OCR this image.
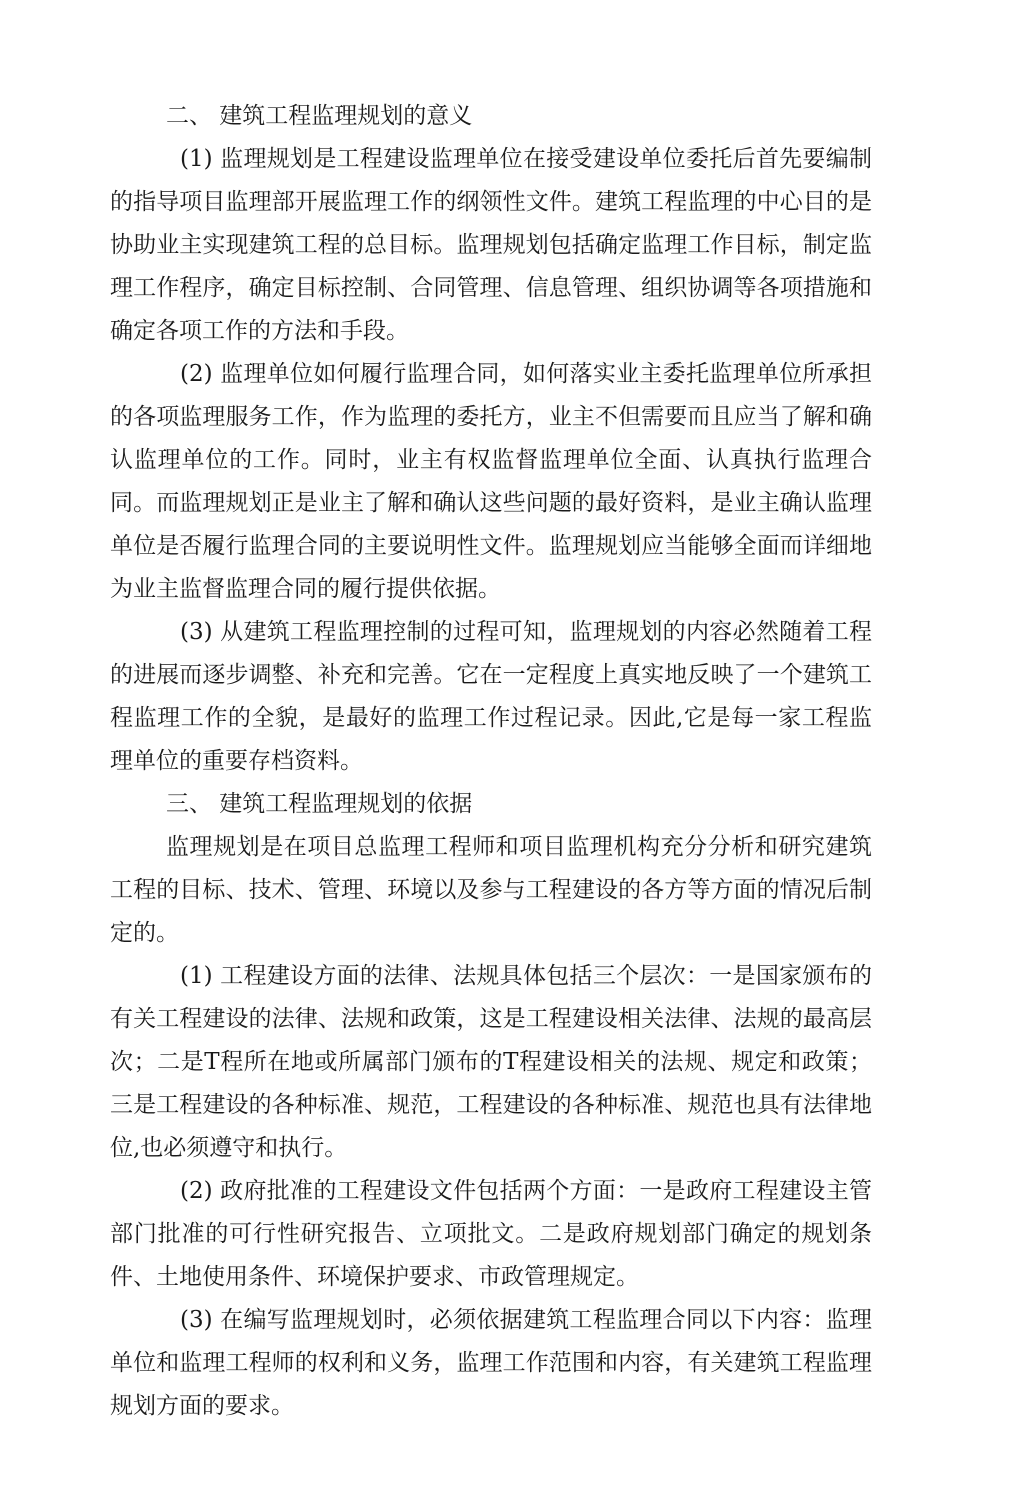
二、 建筑工程监理规划的意义

(1) 监理规划是工程建设监理单位在接受建设单位委托后首先要编制的指导项目监理部开展监理工作的纲领性文件。建筑工程监理的中心目的是协助业主实现建筑工程的总目标。监理规划包括确定监理工作目标，制定监理工作程序，确定目标控制、合同管理、信息管理、组织协调等各项措施和确定各项工作的方法和手段。

(2) 监理单位如何履行监理合同，如何落实业主委托监理单位所承担的各项监理服务工作，作为监理的委托方，业主不但需要而且应当了解和确认监理单位的工作。同时，业主有权监督监理单位全面、认真执行监理合同。而监理规划正是业主了解和确认这些问题的最好资料，是业主确认监理单位是否履行监理合同的主要说明性文件。监理规划应当能够全面而详细地为业主监督监理合同的履行提供依据。

(3) 从建筑工程监理控制的过程可知，监理规划的内容必然随着工程的进展而逐步调整、补充和完善。它在一定程度上真实地反映了一个建筑工程监理工作的全貌，是最好的监理工作过程记录。因此,它是每一家工程监理单位的重要存档资料。

三、 建筑工程监理规划的依据

监理规划是在项目总监理工程师和项目监理机构充分分析和研究建筑工程的目标、技术、管理、环境以及参与工程建设的各方等方面的情况后制定的。

(1) 工程建设方面的法律、法规具体包括三个层次：一是国家颁布的有关工程建设的法律、法规和政策，这是工程建设相关法律、法规的最高层次；二是T程所在地或所属部门颁布的T程建设相关的法规、规定和政策；三是工程建设的各种标准、规范，工程建设的各种标准、规范也具有法律地位,也必须遵守和执行。

(2) 政府批准的工程建设文件包括两个方面：一是政府工程建设主管部门批准的可行性研究报告、立项批文。二是政府规划部门确定的规划条件、土地使用条件、环境保护要求、市政管理规定。

(3) 在编写监理规划时，必须依据建筑工程监理合同以下内容：监理单位和监理工程师的权利和义务，监理工作范围和内容，有关建筑工程监理规划方面的要求。
